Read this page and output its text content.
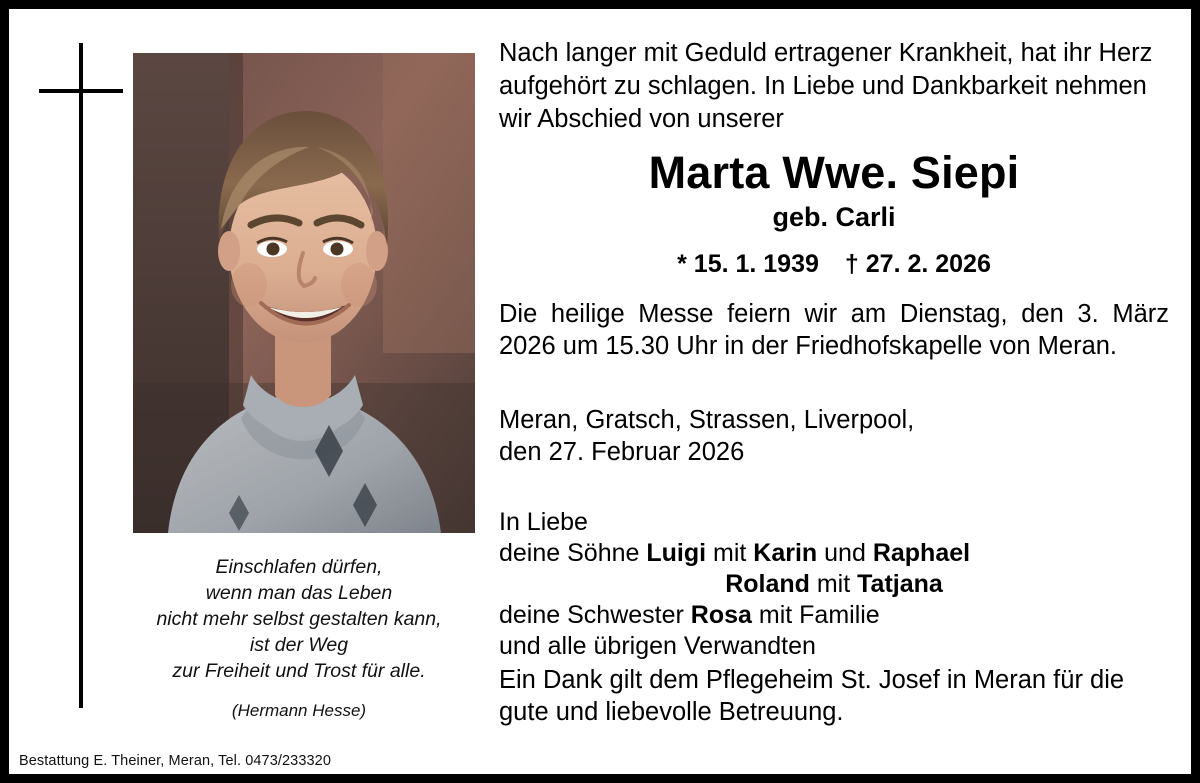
Einschlafen dürfen,
wenn man das Leben
nicht mehr selbst gestalten kann,
ist der Weg
zur Freiheit und Trost für alle.
(Hermann Hesse)
Bestattung E. Theiner, Meran, Tel. 0473/233320
Nach langer mit Geduld ertragener Krankheit, hat ihr Herz aufgehört zu schlagen. In Liebe und Dankbarkeit nehmen wir Abschied von unserer
Marta Wwe. Siepi
geb. Carli
* 15. 1. 1939 † 27. 2. 2026
Die heilige Messe feiern wir am Dienstag, den 3. März 2026 um 15.30 Uhr in der Friedhofskapelle von Meran.
Meran, Gratsch, Strassen, Liverpool,
den 27. Februar 2026
In Liebe
deine Söhne Luigi mit Karin und Raphael
Roland mit Tatjana
deine Schwester Rosa mit Familie
und alle übrigen Verwandten
Ein Dank gilt dem Pflegeheim St. Josef in Meran für die gute und liebevolle Betreuung.
